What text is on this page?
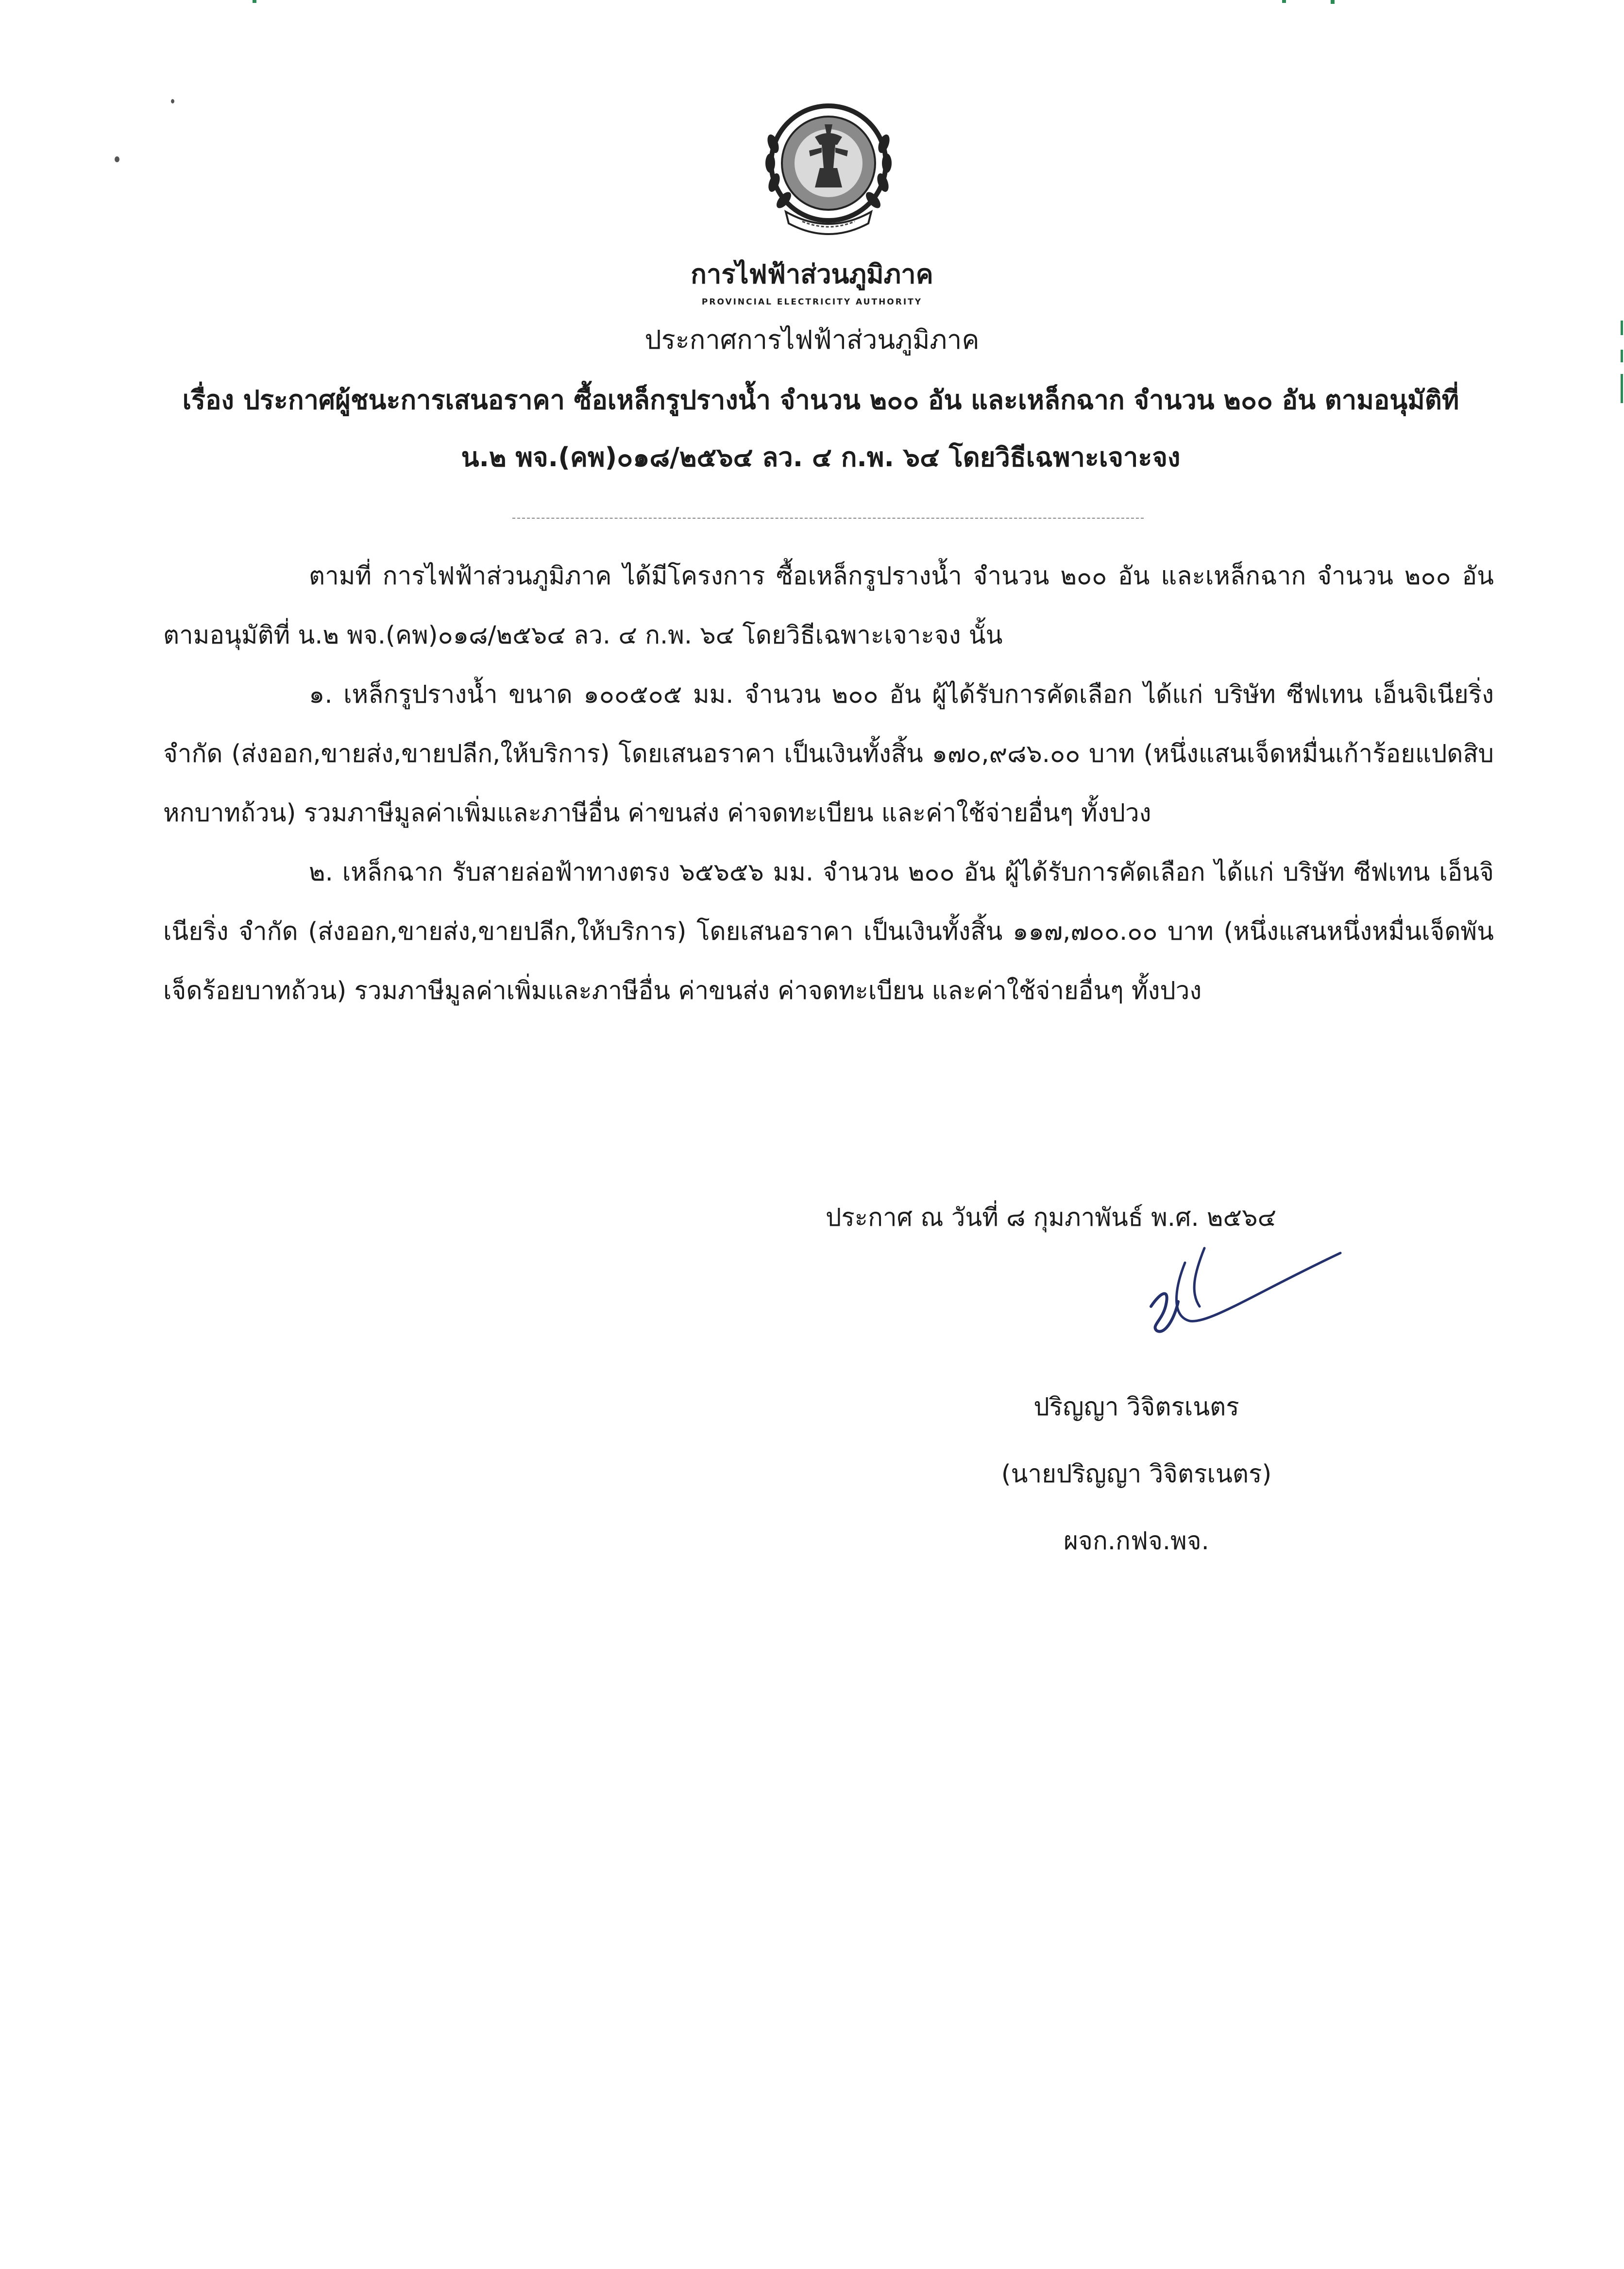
การไฟฟ้าส่วนภูมิภาค
PROVINCIAL ELECTRICITY AUTHORITY
ประกาศการไฟฟ้าส่วนภูมิภาค
เรื่อง ประกาศผู้ชนะการเสนอราคา ซื้อเหล็กรูปรางน้ำ จำนวน ๒๐๐ อัน และเหล็กฉาก จำนวน ๒๐๐ อัน ตามอนุมัติที่ น.๒ พจ.(คพ)๐๑๘/๒๕๖๔ ลว. ๔ ก.พ. ๖๔ โดยวิธีเฉพาะเจาะจง

ตามที่ การไฟฟ้าส่วนภูมิภาค ได้มีโครงการ ซื้อเหล็กรูปรางน้ำ จำนวน ๒๐๐ อัน และเหล็กฉาก จำนวน ๒๐๐ อัน ตามอนุมัติที่ น.๒ พจ.(คพ)๐๑๘/๒๕๖๔ ลว. ๔ ก.พ. ๖๔ โดยวิธีเฉพาะเจาะจง นั้น

๑. เหล็กรูปรางน้ำ ขนาด ๑๐๐๕๐๕ มม. จำนวน ๒๐๐ อัน ผู้ได้รับการคัดเลือก ได้แก่ บริษัท ซีฟเทน เอ็นจิเนียริ่ง จำกัด (ส่งออก,ขายส่ง,ขายปลีก,ให้บริการ) โดยเสนอราคา เป็นเงินทั้งสิ้น ๑๗๐,๙๘๖.๐๐ บาท (หนึ่งแสนเจ็ดหมื่นเก้าร้อยแปดสิบหกบาทถ้วน) รวมภาษีมูลค่าเพิ่มและภาษีอื่น ค่าขนส่ง ค่าจดทะเบียน และค่าใช้จ่ายอื่นๆ ทั้งปวง

๒. เหล็กฉาก รับสายล่อฟ้าทางตรง ๖๕๖๕๖ มม. จำนวน ๒๐๐ อัน ผู้ได้รับการคัดเลือก ได้แก่ บริษัท ซีฟเทน เอ็นจิเนียริ่ง จำกัด (ส่งออก,ขายส่ง,ขายปลีก,ให้บริการ) โดยเสนอราคา เป็นเงินทั้งสิ้น ๑๑๗,๗๐๐.๐๐ บาท (หนึ่งแสนหนึ่งหมื่นเจ็ดพันเจ็ดร้อยบาทถ้วน) รวมภาษีมูลค่าเพิ่มและภาษีอื่น ค่าขนส่ง ค่าจดทะเบียน และค่าใช้จ่ายอื่นๆ ทั้งปวง

ประกาศ ณ วันที่ ๘ กุมภาพันธ์ พ.ศ. ๒๕๖๔
ปริญญา วิจิตรเนตร
(นายปริญญา วิจิตรเนตร)
ผจก.กฟจ.พจ.
